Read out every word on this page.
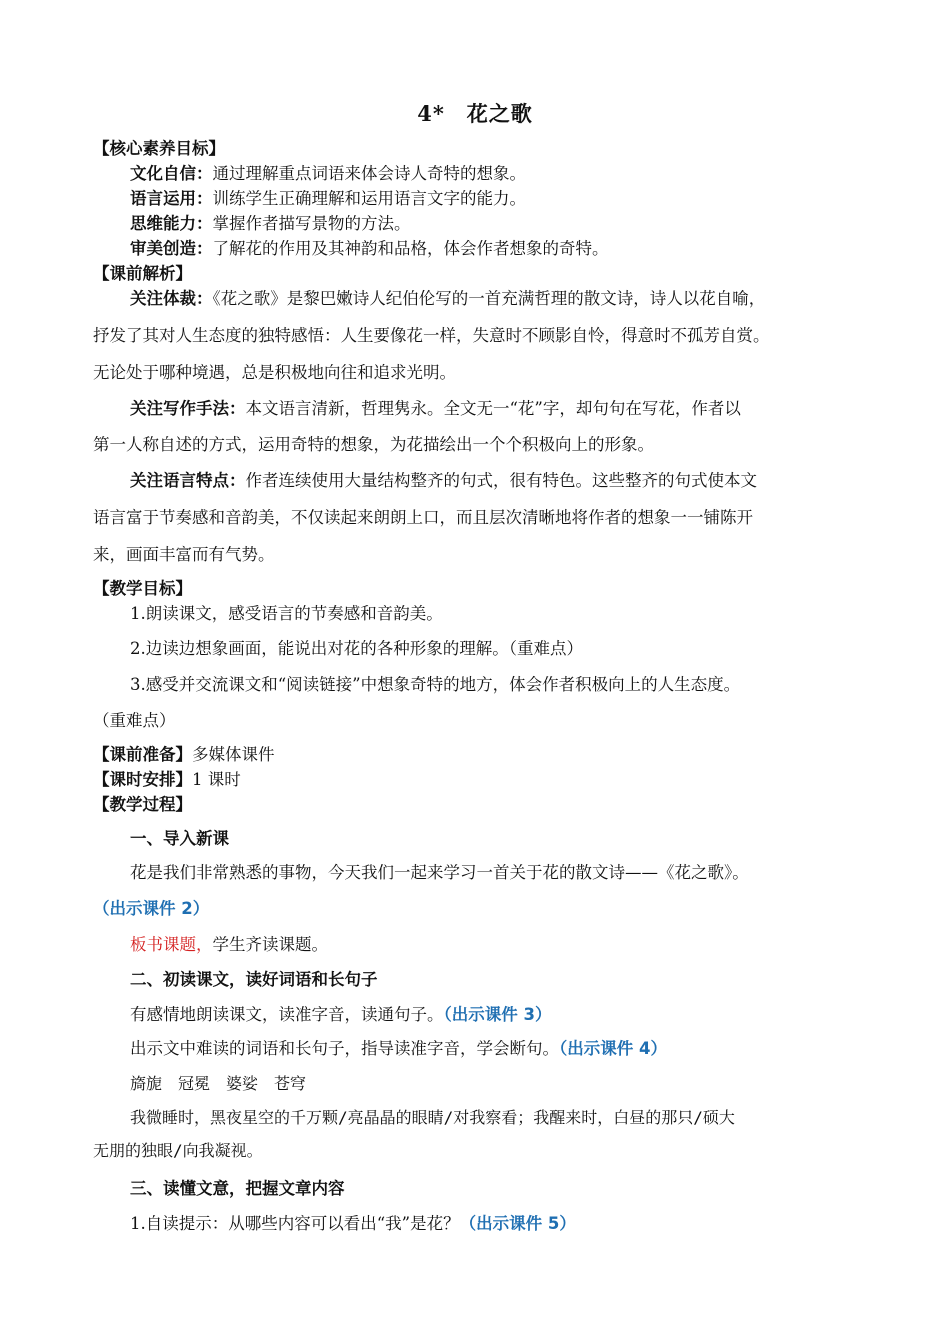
4*　花之歌
【核心素养目标】
文化自信：通过理解重点词语来体会诗人奇特的想象。
语言运用：训练学生正确理解和运用语言文字的能力。
思维能力：掌握作者描写景物的方法。
审美创造：了解花的作用及其神韵和品格，体会作者想象的奇特。
【课前解析】
关注体裁：《花之歌》是黎巴嫩诗人纪伯伦写的一首充满哲理的散文诗，诗人以花自喻，
抒发了其对人生态度的独特感悟：人生要像花一样，失意时不顾影自怜，得意时不孤芳自赏。
无论处于哪种境遇，总是积极地向往和追求光明。
关注写作手法：本文语言清新，哲理隽永。全文无一“花”字，却句句在写花，作者以
第一人称自述的方式，运用奇特的想象，为花描绘出一个个积极向上的形象。
关注语言特点：作者连续使用大量结构整齐的句式，很有特色。这些整齐的句式使本文
语言富于节奏感和音韵美，不仅读起来朗朗上口，而且层次清晰地将作者的想象一一铺陈开
来，画面丰富而有气势。
【教学目标】
1.朗读课文，感受语言的节奏感和音韵美。
2.边读边想象画面，能说出对花的各种形象的理解。（重难点）
3.感受并交流课文和“阅读链接”中想象奇特的地方，体会作者积极向上的人生态度。
（重难点）
【课前准备】多媒体课件
【课时安排】1 课时
【教学过程】
一、导入新课
花是我们非常熟悉的事物，今天我们一起来学习一首关于花的散文诗——《花之歌》。
（出示课件 2）
板书课题，学生齐读课题。
二、初读课文，读好词语和长句子
有感情地朗读课文，读准字音，读通句子。（出示课件 3）
出示文中难读的词语和长句子，指导读准字音，学会断句。（出示课件 4）
旖旎　冠冕　婆娑　苍穹
我微睡时，黑夜星空的千万颗/亮晶晶的眼睛/对我察看；我醒来时，白昼的那只/硕大
无朋的独眼/向我凝视。
三、读懂文意，把握文章内容
1.自读提示：从哪些内容可以看出“我”是花？（出示课件 5）
